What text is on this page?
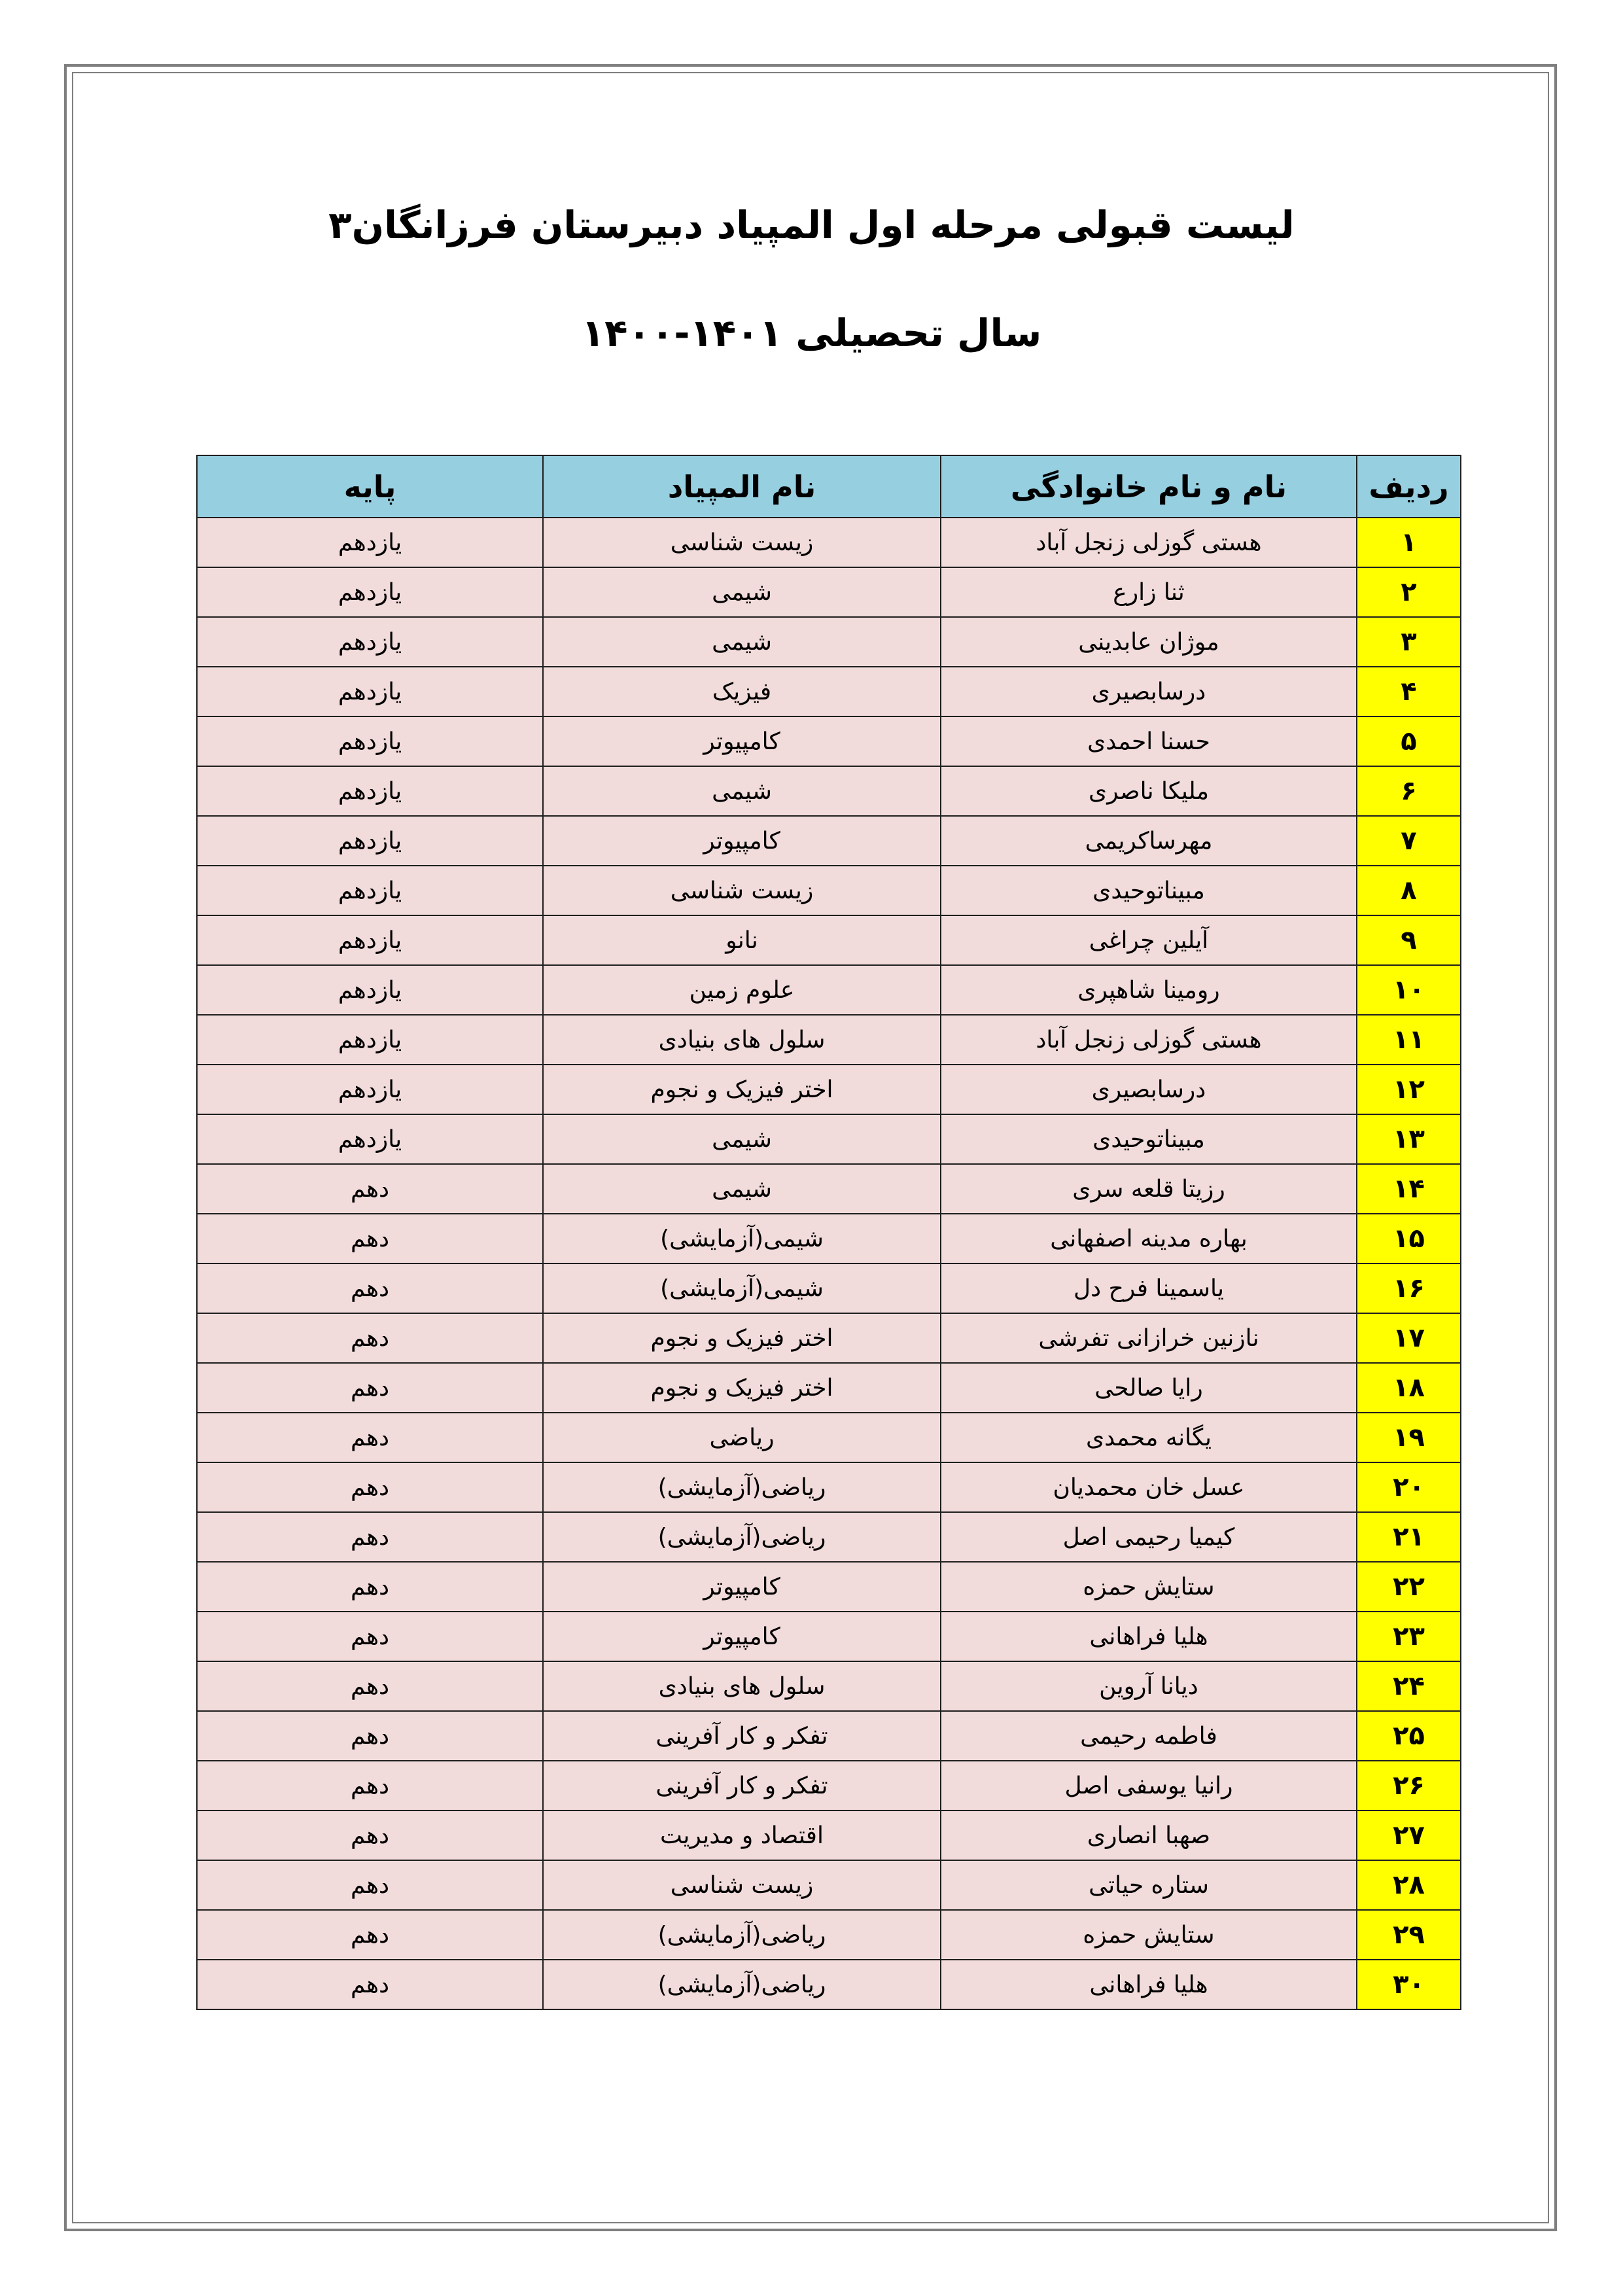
لیست قبولی مرحله اول المپیاد دبیرستان فرزانگان۳
سال تحصیلی ۱۴۰۱-۱۴۰۰
ردیف	نام و نام خانوادگی	نام المپیاد	پایه
۱	هستی گوزلی زنجل آباد	زیست شناسی	یازدهم
۲	ثنا زارع	شیمی	یازدهم
۳	موژان عابدینی	شیمی	یازدهم
۴	درسابصیری	فیزیک	یازدهم
۵	حسنا احمدی	کامپیوتر	یازدهم
۶	ملیکا ناصری	شیمی	یازدهم
۷	مهرساکریمی	کامپیوتر	یازدهم
۸	مبیناتوحیدی	زیست شناسی	یازدهم
۹	آیلین چراغی	نانو	یازدهم
۱۰	رومینا شاهپری	علوم زمین	یازدهم
۱۱	هستی گوزلی زنجل آباد	سلول های بنیادی	یازدهم
۱۲	درسابصیری	اختر فیزیک و نجوم	یازدهم
۱۳	مبیناتوحیدی	شیمی	یازدهم
۱۴	رزیتا قلعه سری	شیمی	دهم
۱۵	بهاره مدینه اصفهانی	شیمی(آزمایشی)	دهم
۱۶	یاسمینا فرح دل	شیمی(آزمایشی)	دهم
۱۷	نازنین خرازانی تفرشی	اختر فیزیک و نجوم	دهم
۱۸	رایا صالحی	اختر فیزیک و نجوم	دهم
۱۹	یگانه محمدی	ریاضی	دهم
۲۰	عسل خان محمدیان	ریاضی(آزمایشی)	دهم
۲۱	کیمیا رحیمی اصل	ریاضی(آزمایشی)	دهم
۲۲	ستایش حمزه	کامپیوتر	دهم
۲۳	هلیا فراهانی	کامپیوتر	دهم
۲۴	دیانا آروین	سلول های بنیادی	دهم
۲۵	فاطمه رحیمی	تفکر و کار آفرینی	دهم
۲۶	رانیا یوسفی اصل	تفکر و کار آفرینی	دهم
۲۷	صهبا انصاری	اقتصاد و مدیریت	دهم
۲۸	ستاره حیاتی	زیست شناسی	دهم
۲۹	ستایش حمزه	ریاضی(آزمایشی)	دهم
۳۰	هلیا فراهانی	ریاضی(آزمایشی)	دهم
